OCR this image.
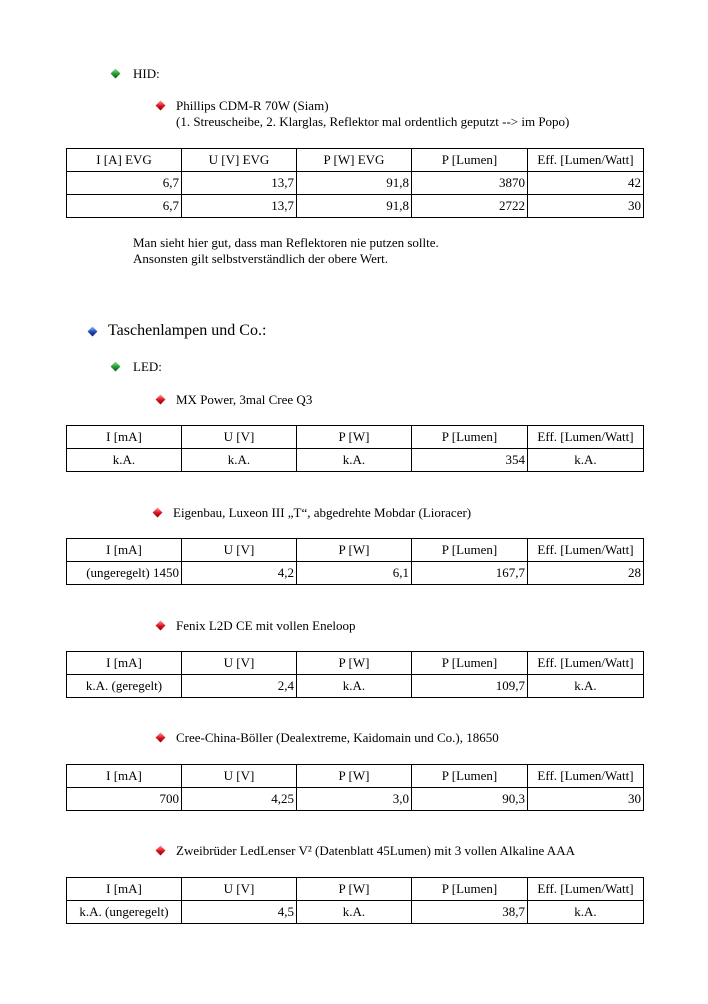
HID:
Phillips CDM-R 70W (Siam)
(1. Streuscheibe, 2. Klarglas, Reflektor mal ordentlich geputzt --> im Popo)
I [A] EVG	U [V] EVG	P [W] EVG	P [Lumen]	Eff. [Lumen/Watt]
6,7	13,7	91,8	3870	42
6,7	13,7	91,8	2722	30
Man sieht hier gut, dass man Reflektoren nie putzen sollte.
Ansonsten gilt selbstverständlich der obere Wert.
Taschenlampen und Co.:
LED:
MX Power, 3mal Cree Q3
I [mA]	U [V]	P [W]	P [Lumen]	Eff. [Lumen/Watt]
k.A.	k.A.	k.A.	354	k.A.
Eigenbau, Luxeon III „T“, abgedrehte Mobdar (Lioracer)
I [mA]	U [V]	P [W]	P [Lumen]	Eff. [Lumen/Watt]
(ungeregelt) 1450	4,2	6,1	167,7	28
Fenix L2D CE mit vollen Eneloop
I [mA]	U [V]	P [W]	P [Lumen]	Eff. [Lumen/Watt]
k.A. (geregelt)	2,4	k.A.	109,7	k.A.
Cree-China-Böller (Dealextreme, Kaidomain und Co.), 18650
I [mA]	U [V]	P [W]	P [Lumen]	Eff. [Lumen/Watt]
700	4,25	3,0	90,3	30
Zweibrüder LedLenser V² (Datenblatt 45Lumen) mit 3 vollen Alkaline AAA
I [mA]	U [V]	P [W]	P [Lumen]	Eff. [Lumen/Watt]
k.A. (ungeregelt)	4,5	k.A.	38,7	k.A.
